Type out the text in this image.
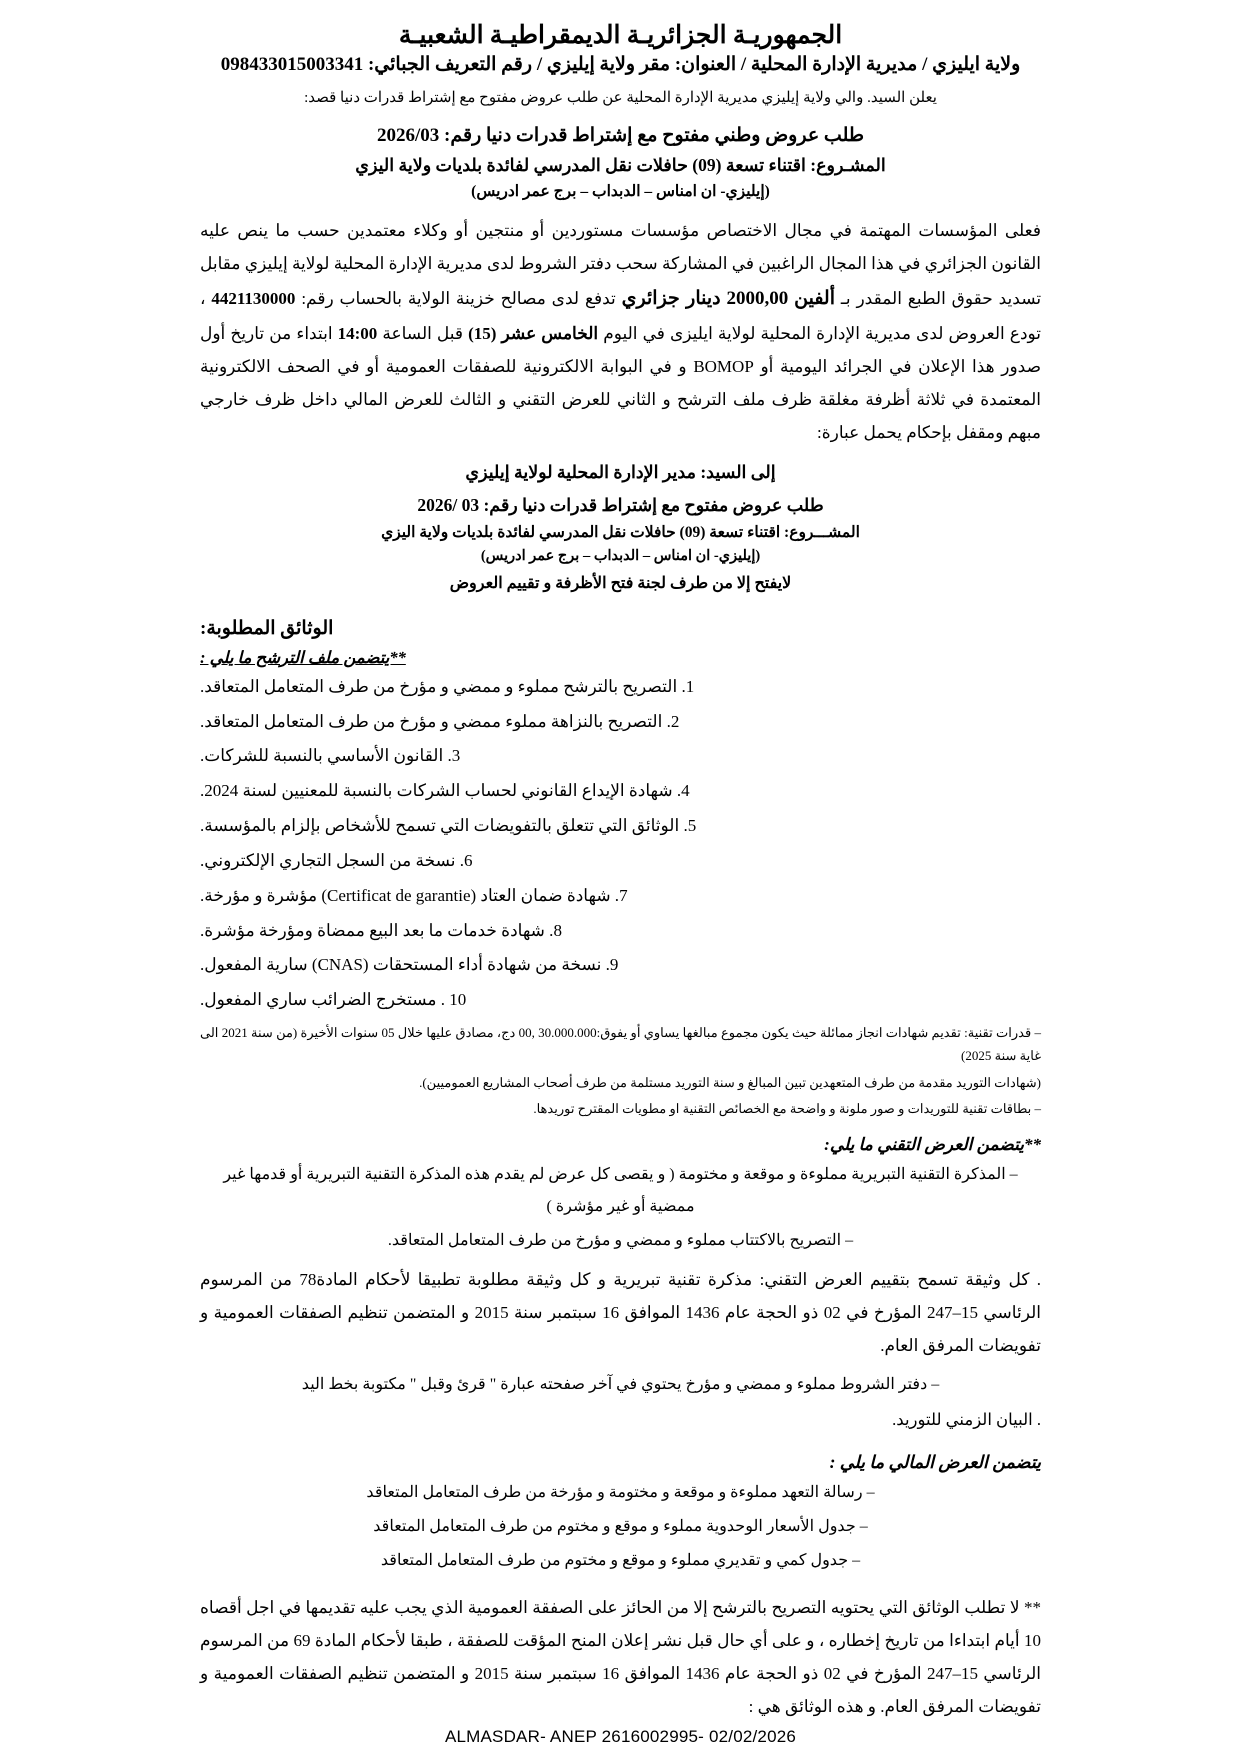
الجمهوريـة الجزائريـة الديمقراطيـة الشعبيـة
ولاية ايليزي / مديرية الإدارة المحلية / العنوان: مقر ولاية إيليزي / رقم التعريف الجبائي: 098433015003341
يعلن السيد. والي ولاية إيليزي مديرية الإدارة المحلية عن طلب عروض مفتوح مع إشتراط قدرات دنيا قصد:
طلب عروض وطني مفتوح مع إشتراط قدرات دنيا رقم: 2026/03
المشـروع: اقتناء تسعة (09) حافلات نقل المدرسي لفائدة بلديات ولاية اليزي
(إيليزي- ان امناس – الدبداب – برج عمر ادريس)
فعلى المؤسسات المهتمة في مجال الاختصاص مؤسسات مستوردين أو منتجين أو وكلاء معتمدين حسب ما ينص عليه القانون الجزائري في هذا المجال الراغبين في المشاركة سحب دفتر الشروط لدى مديرية الإدارة المحلية لولاية إيليزي مقابل تسديد حقوق الطبع المقدر بـ ألفين 2000,00 دينار جزائري تدفع لدى مصالح خزينة الولاية بالحساب رقم: 4421130000 ، تودع العروض لدى مديرية الإدارة المحلية لولاية ايليزى في اليوم الخامس عشر (15) قبل الساعة 14:00 ابتداء من تاريخ أول صدور هذا الإعلان في الجرائد اليومية أو BOMOP و في البوابة الالكترونية للصفقات العمومية أو في الصحف الالكترونية المعتمدة في ثلاثة أظرفة مغلقة ظرف ملف الترشح و الثاني للعرض التقني و الثالث للعرض المالي داخل ظرف خارجي مبهم ومقفل بإحكام يحمل عبارة:
إلى السيد: مدير الإدارة المحلية لولاية إيليزي
طلب عروض مفتوح مع إشتراط قدرات دنيا رقم: 03 /2026
المشـــروع: اقتناء تسعة (09) حافلات نقل المدرسي لفائدة بلديات ولاية اليزي
(إيليزي- ان امناس – الدبداب – برج عمر ادريس)
لايفتح إلا من طرف لجنة فتح الأظرفة و تقييم العروض
الوثائق المطلوبة:
**يتضمن ملف الترشح ما يلي :
1. التصريح بالترشح مملوء و ممضي و مؤرخ من طرف المتعامل المتعاقد.
2. التصريح بالنزاهة مملوء ممضي و مؤرخ من طرف المتعامل المتعاقد.
3. القانون الأساسي بالنسبة للشركات.
4. شهادة الإيداع القانوني لحساب الشركات بالنسبة للمعنيين لسنة 2024.
5. الوثائق التي تتعلق بالتفويضات التي تسمح للأشخاص بإلزام بالمؤسسة.
6. نسخة من السجل التجاري الإلكتروني.
7. شهادة ضمان العتاد (Certificat de garantie) مؤشرة و مؤرخة.
8. شهادة خدمات ما بعد البيع ممضاة ومؤرخة مؤشرة.
9. نسخة من شهادة أداء المستحقات (CNAS) سارية المفعول.
10 . مستخرج الضرائب ساري المفعول.
– قدرات تقنية: تقديم شهادات انجاز ممائلة حيث يكون مجموع مبالغها يساوي أو يفوق:30.000.000 ,00 دج، مصادق عليها خلال 05 سنوات الأخيرة (من سنة 2021 الى غاية سنة 2025)
(شهادات التوريد مقدمة من طرف المتعهدين تبين المبالغ و سنة التوريد مستلمة من طرف أصحاب المشاريع العموميين).
– بطاقات تقنية للتوريدات و صور ملونة و واضحة مع الخصائص التقنية او مطويات المقترح توريدها.
**يتضمن العرض التقني ما يلي:
– المذكرة التقنية التبريرية مملوءة و موقعة و مختومة ( و يقصى كل عرض لم يقدم هذه المذكرة التقنية التبريرية أو قدمها غير ممضية أو غير مؤشرة )
– التصريح بالاكتتاب مملوء و ممضي و مؤرخ من طرف المتعامل المتعاقد.
. كل وثيقة تسمح بتقييم العرض التقني: مذكرة تقنية تبريرية و كل وثيقة مطلوبة تطبيقا لأحكام المادة78 من المرسوم الرئاسي 15–247 المؤرخ في 02 ذو الحجة عام 1436 الموافق 16 سبتمبر سنة 2015 و المتضمن تنظيم الصفقات العمومية و تفويضات المرفق العام.
– دفتر الشروط مملوء و ممضي و مؤرخ يحتوي في آخر صفحته عبارة " قرئ وقبل " مكتوبة بخط اليد
. البيان الزمني للتوريد.
يتضمن العرض المالي ما يلي :
– رسالة التعهد مملوءة و موقعة و مختومة و مؤرخة من طرف المتعامل المتعاقد
– جدول الأسعار الوحدوية مملوء و موقع و مختوم من طرف المتعامل المتعاقد
– جدول كمي و تقديري مملوء و موقع و مختوم من طرف المتعامل المتعاقد
** لا تطلب الوثائق التي يحتويه التصريح بالترشح إلا من الحائز على الصفقة العمومية الذي يجب عليه تقديمها في اجل أقصاه 10 أيام ابتداءا من تاريخ إخطاره ، و على أي حال قبل نشر إعلان المنح المؤقت للصفقة ، طبقا لأحكام المادة 69 من المرسوم الرئاسي 15–247 المؤرخ في 02 ذو الحجة عام 1436 الموافق 16 سبتمبر سنة 2015 و المتضمن تنظيم الصفقات العمومية و تفويضات المرفق العام. و هذه الوثائق هي :
ALMASDAR- ANEP 2616002995- 02/02/2026
